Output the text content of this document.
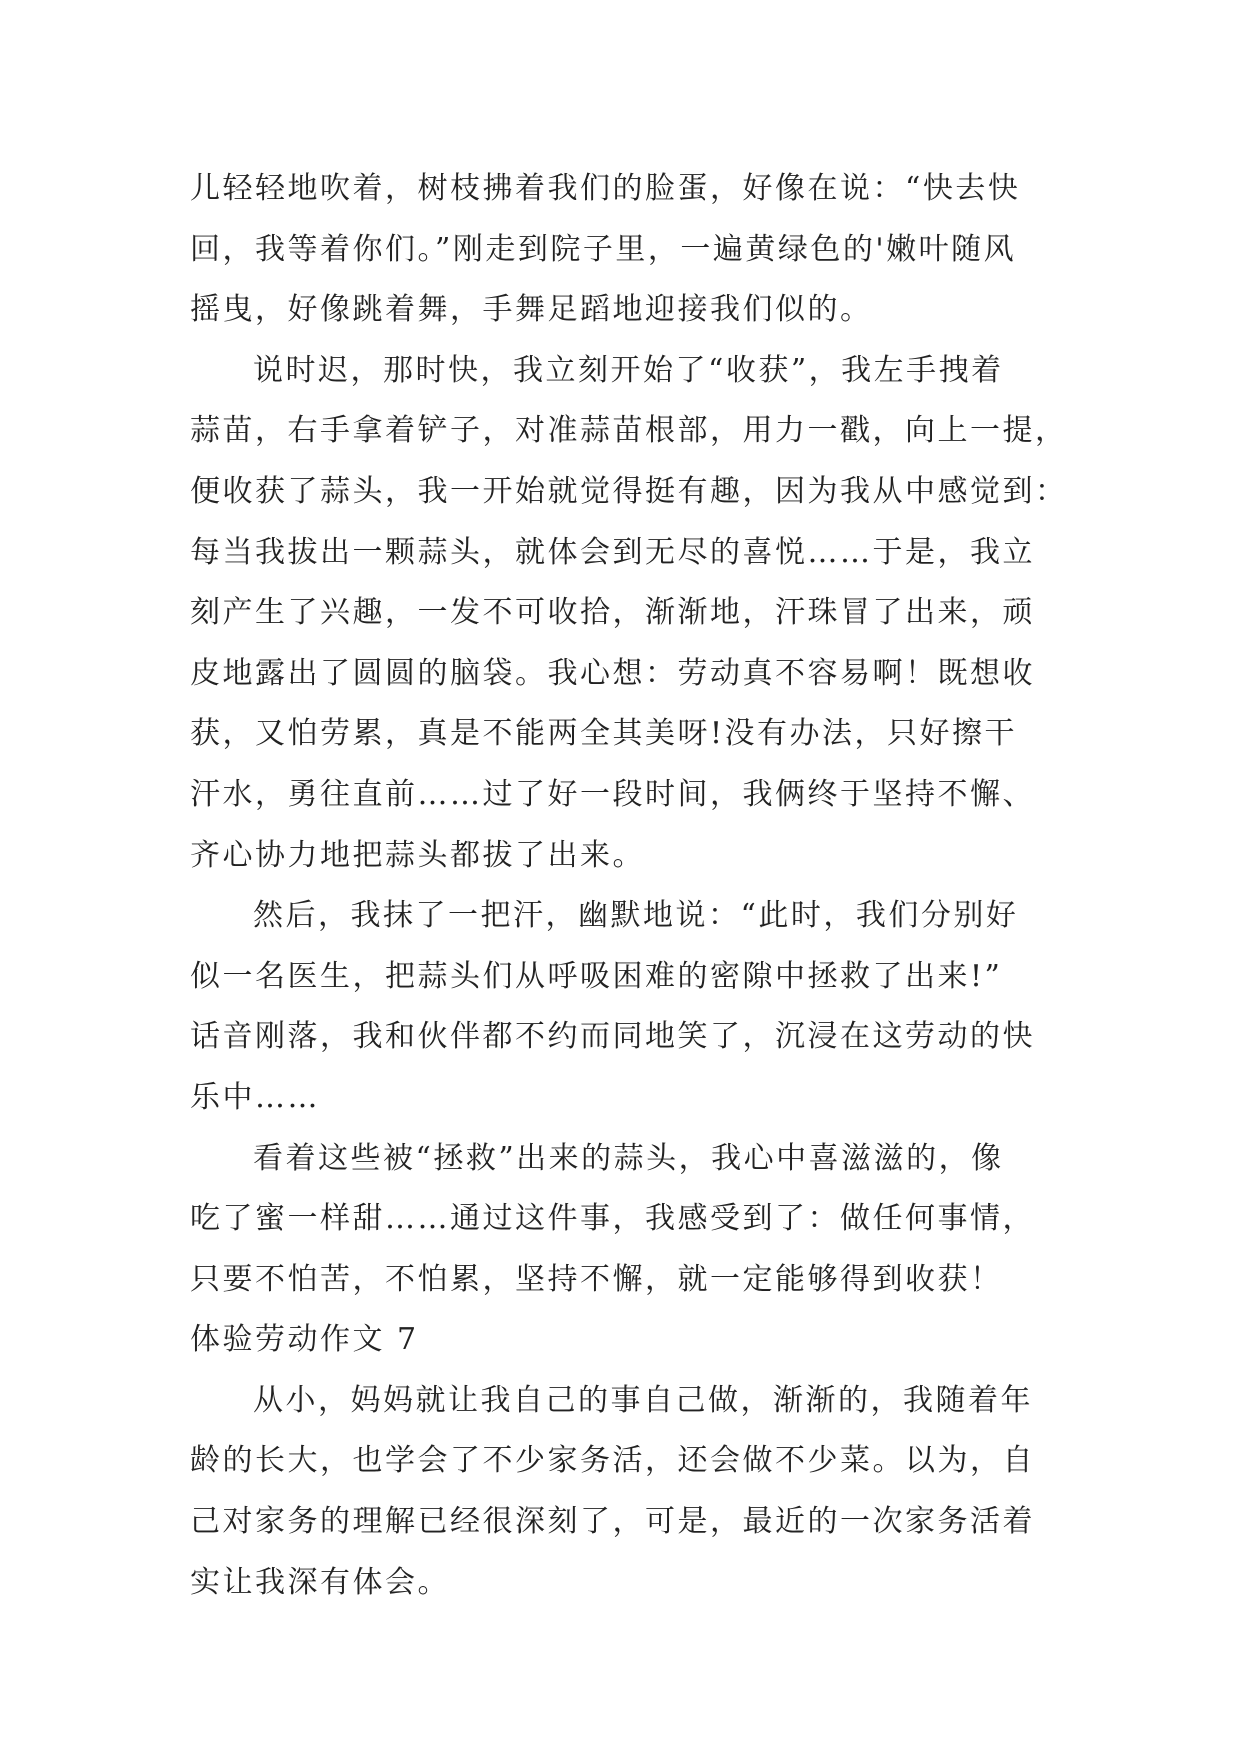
儿轻轻地吹着，树枝拂着我们的脸蛋，好像在说：“快去快
回，我等着你们。”刚走到院子里，一遍黄绿色的'嫩叶随风
摇曳，好像跳着舞，手舞足蹈地迎接我们似的。
说时迟，那时快，我立刻开始了“收获”，我左手拽着
蒜苗，右手拿着铲子，对准蒜苗根部，用力一戳，向上一提，
便收获了蒜头，我一开始就觉得挺有趣，因为我从中感觉到：
每当我拔出一颗蒜头，就体会到无尽的喜悦……于是，我立
刻产生了兴趣，一发不可收拾，渐渐地，汗珠冒了出来，顽
皮地露出了圆圆的脑袋。我心想：劳动真不容易啊！既想收
获，又怕劳累，真是不能两全其美呀!没有办法，只好擦干
汗水，勇往直前……过了好一段时间，我俩终于坚持不懈、
齐心协力地把蒜头都拔了出来。
然后，我抹了一把汗，幽默地说：“此时，我们分别好
似一名医生，把蒜头们从呼吸困难的密隙中拯救了出来!”
话音刚落，我和伙伴都不约而同地笑了，沉浸在这劳动的快
乐中……
看着这些被“拯救”出来的蒜头，我心中喜滋滋的，像
吃了蜜一样甜……通过这件事，我感受到了：做任何事情，
只要不怕苦，不怕累，坚持不懈，就一定能够得到收获！
体验劳动作文 7
从小，妈妈就让我自己的事自己做，渐渐的，我随着年
龄的长大，也学会了不少家务活，还会做不少菜。以为，自
己对家务的理解已经很深刻了，可是，最近的一次家务活着
实让我深有体会。
